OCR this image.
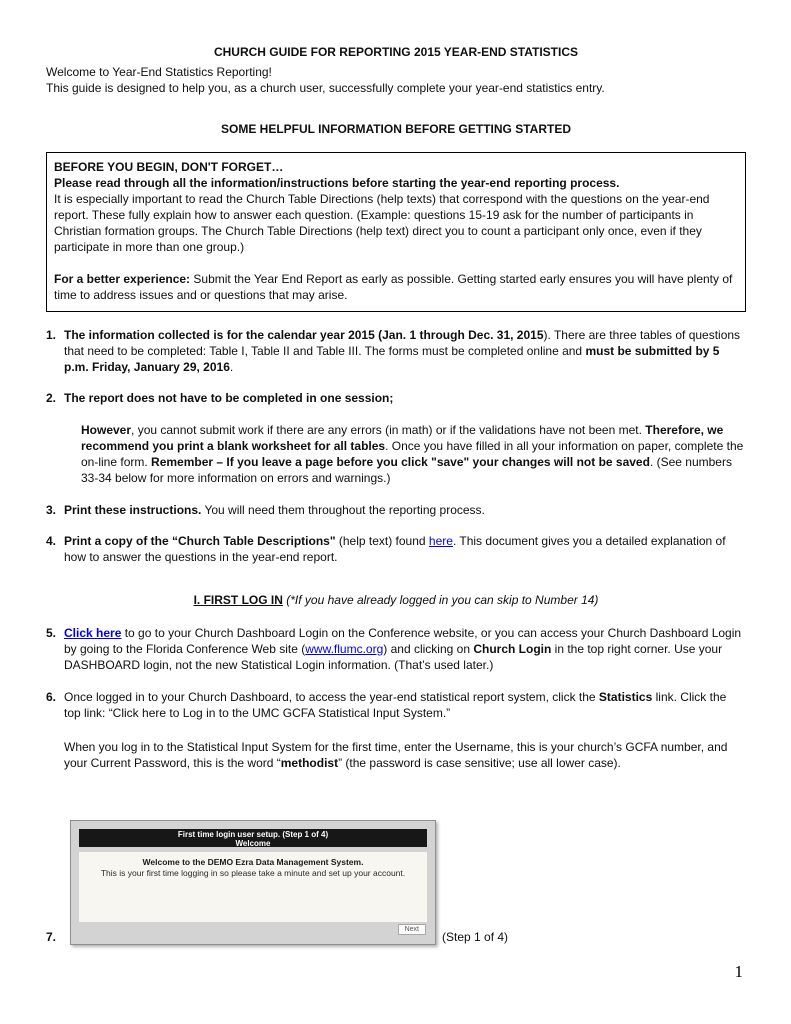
CHURCH GUIDE FOR REPORTING 2015 YEAR-END STATISTICS

Welcome to Year-End Statistics Reporting!

This guide is designed to help you, as a church user, successfully complete your year-end statistics entry.

SOME HELPFUL INFORMATION BEFORE GETTING STARTED

BEFORE YOU BEGIN, DON'T FORGET…
Please read through all the information/instructions before starting the year-end reporting process.
It is especially important to read the Church Table Directions (help texts) that correspond with the questions on the year-end report. These fully explain how to answer each question. (Example: questions 15-19 ask for the number of participants in Christian formation groups. The Church Table Directions (help text) direct you to count a participant only once, even if they participate in more than one group.)

For a better experience: Submit the Year End Report as early as possible. Getting started early ensures you will have plenty of time to address issues and or questions that may arise.

1. The information collected is for the calendar year 2015 (Jan. 1 through Dec. 31, 2015). There are three tables of questions that need to be completed: Table I, Table II and Table III. The forms must be completed online and must be submitted by 5 p.m. Friday, January 29, 2016.
2. The report does not have to be completed in one session;
However, you cannot submit work if there are any errors (in math) or if the validations have not been met. Therefore, we recommend you print a blank worksheet for all tables. Once you have filled in all your information on paper, complete the on-line form. Remember – If you leave a page before you click "save" your changes will not be saved. (See numbers 33-34 below for more information on errors and warnings.)
3. Print these instructions. You will need them throughout the reporting process.
4. Print a copy of the “Church Table Descriptions" (help text) found here. This document gives you a detailed explanation of how to answer the questions in the year-end report.
I. FIRST LOG IN (*If you have already logged in you can skip to Number 14)
5. Click here to go to your Church Dashboard Login on the Conference website, or you can access your Church Dashboard Login by going to the Florida Conference Web site (www.flumc.org) and clicking on Church Login in the top right corner. Use your DASHBOARD login, not the new Statistical Login information. (That’s used later.)
6. Once logged in to your Church Dashboard, to access the year-end statistical report system, click the Statistics link. Click the top link: “Click here to Log in to the UMC GCFA Statistical Input System.”
When you log in to the Statistical Input System for the first time, enter the Username, this is your church’s GCFA number, and your Current Password, this is the word “methodist” (the password is case sensitive; use all lower case).
7.
First time login user setup. (Step 1 of 4)
Welcome
Welcome to the DEMO Ezra Data Management System.
This is your first time logging in so please take a minute and set up your account.
Next
(Step 1 of 4)
1
